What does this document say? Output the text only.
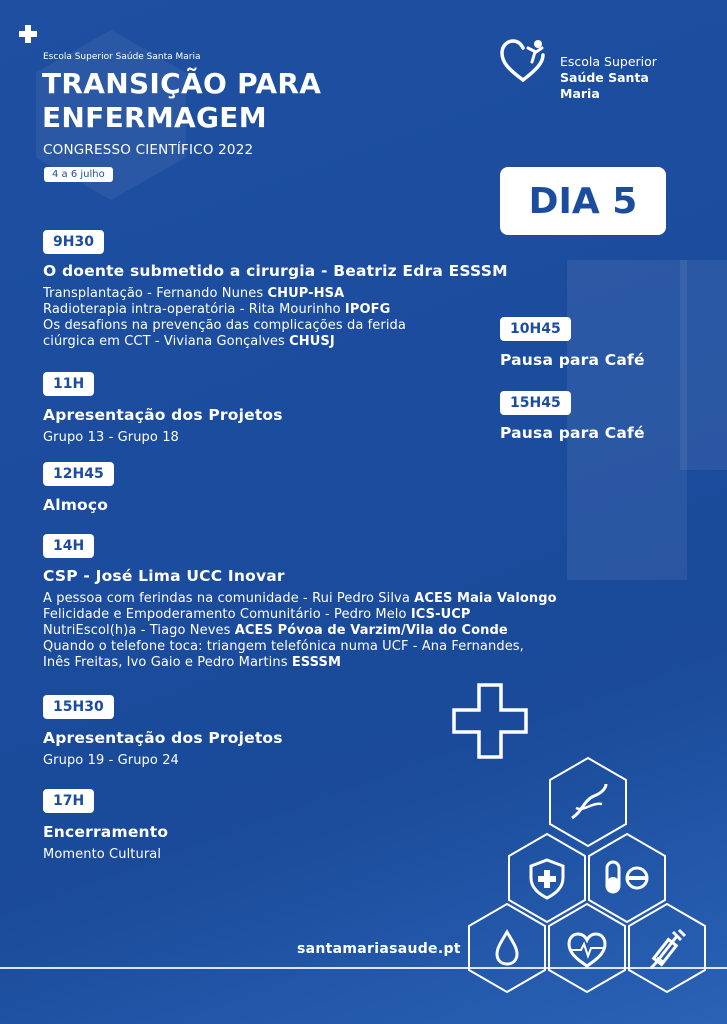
Escola Superior Saúde Santa Maria
TRANSIÇÃO PARA
ENFERMAGEM
CONGRESSO CIENTÍFICO 2022
4 a 6 julho
Escola Superior
Saúde Santa Maria
DIA 5
9H30
O doente submetido a cirurgia - Beatriz Edra ESSSM
Transplantação - Fernando Nunes CHUP-HSA
Radioterapia intra-operatória - Rita Mourinho IPOFG
Os desafions na prevenção das complicações da ferida
ciúrgica em CCT - Viviana Gonçalves CHUSJ
11H
Apresentação dos Projetos
Grupo 13 - Grupo 18
12H45
Almoço
14H
CSP - José Lima UCC Inovar
A pessoa com ferindas na comunidade - Rui Pedro Silva ACES Maia Valongo
Felicidade e Empoderamento Comunitário - Pedro Melo ICS-UCP
NutriEscol(h)a - Tiago Neves ACES Póvoa de Varzim/Vila do Conde
Quando o telefone toca: triangem telefónica numa UCF - Ana Fernandes,
Inês Freitas, Ivo Gaio e Pedro Martins ESSSM
15H30
Apresentação dos Projetos
Grupo 19 - Grupo 24
17H
Encerramento
Momento Cultural
10H45
Pausa para Café
15H45
Pausa para Café
santamariasaude.pt
